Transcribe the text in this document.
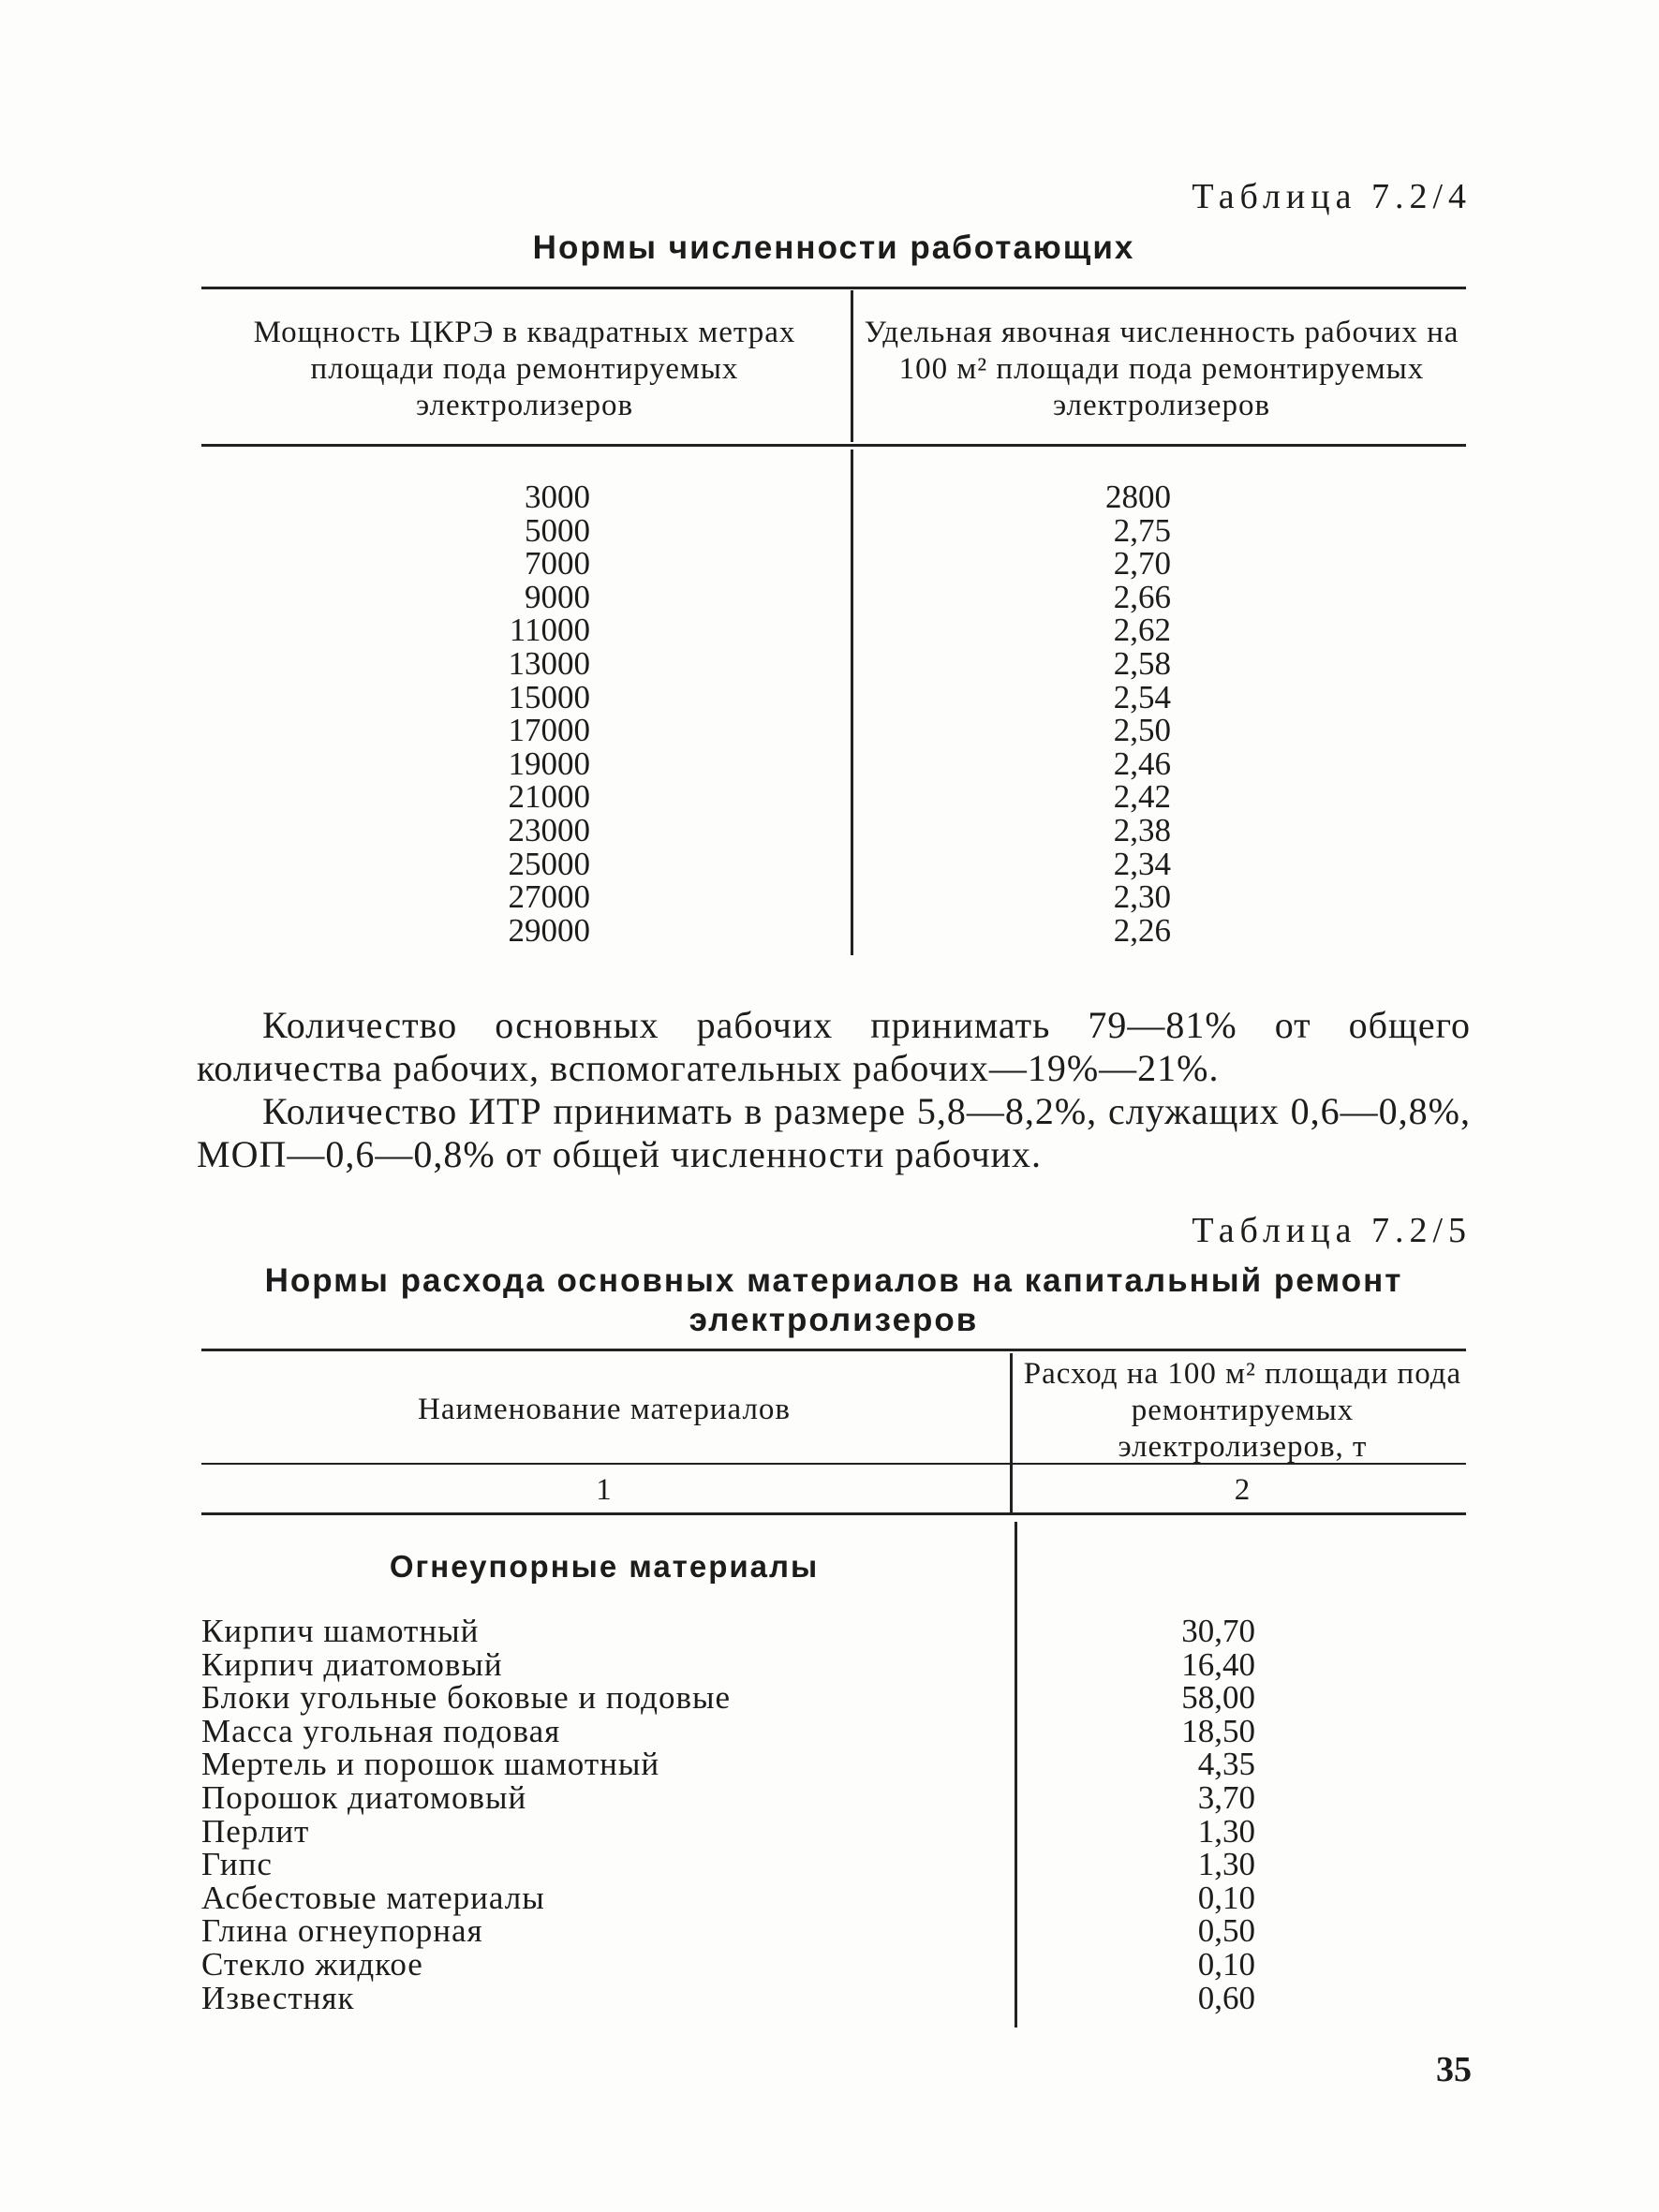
Таблица 7.2/4
Нормы численности работающих
Мощность ЦКРЭ в квадратных метрах площади пода ремонтируемых электролизеров
Удельная явочная численность рабочих на 100 м² площади пода ремонтируемых электролизеров
3000
5000
7000
9000
11000
13000
15000
17000
19000
21000
23000
25000
27000
29000
2800
2,75
2,70
2,66
2,62
2,58
2,54
2,50
2,46
2,42
2,38
2,34
2,30
2,26

Количество основных рабочих принимать 79—81% от общего количества рабочих, вспомогательных рабочих—19%—21%.

Количество ИТР принимать в размере 5,8—8,2%, служащих 0,6—0,8%, МОП—0,6—0,8% от общей численности рабочих.

Таблица 7.2/5
Нормы расхода основных материалов на капитальный ремонт
электролизеров
Наименование материалов
Расход на 100 м² площади пода ремонтируемых электролизеров, т
1	2
Огнеупорные материалы
Кирпич шамотный
Кирпич диатомовый
Блоки угольные боковые и подовые
Масса угольная подовая
Мертель и порошок шамотный
Порошок диатомовый
Перлит
Гипс
Асбестовые материалы
Глина огнеупорная
Стекло жидкое
Известняк
30,70
16,40
58,00
18,50
4,35
3,70
1,30
1,30
0,10
0,50
0,10
0,60
35
